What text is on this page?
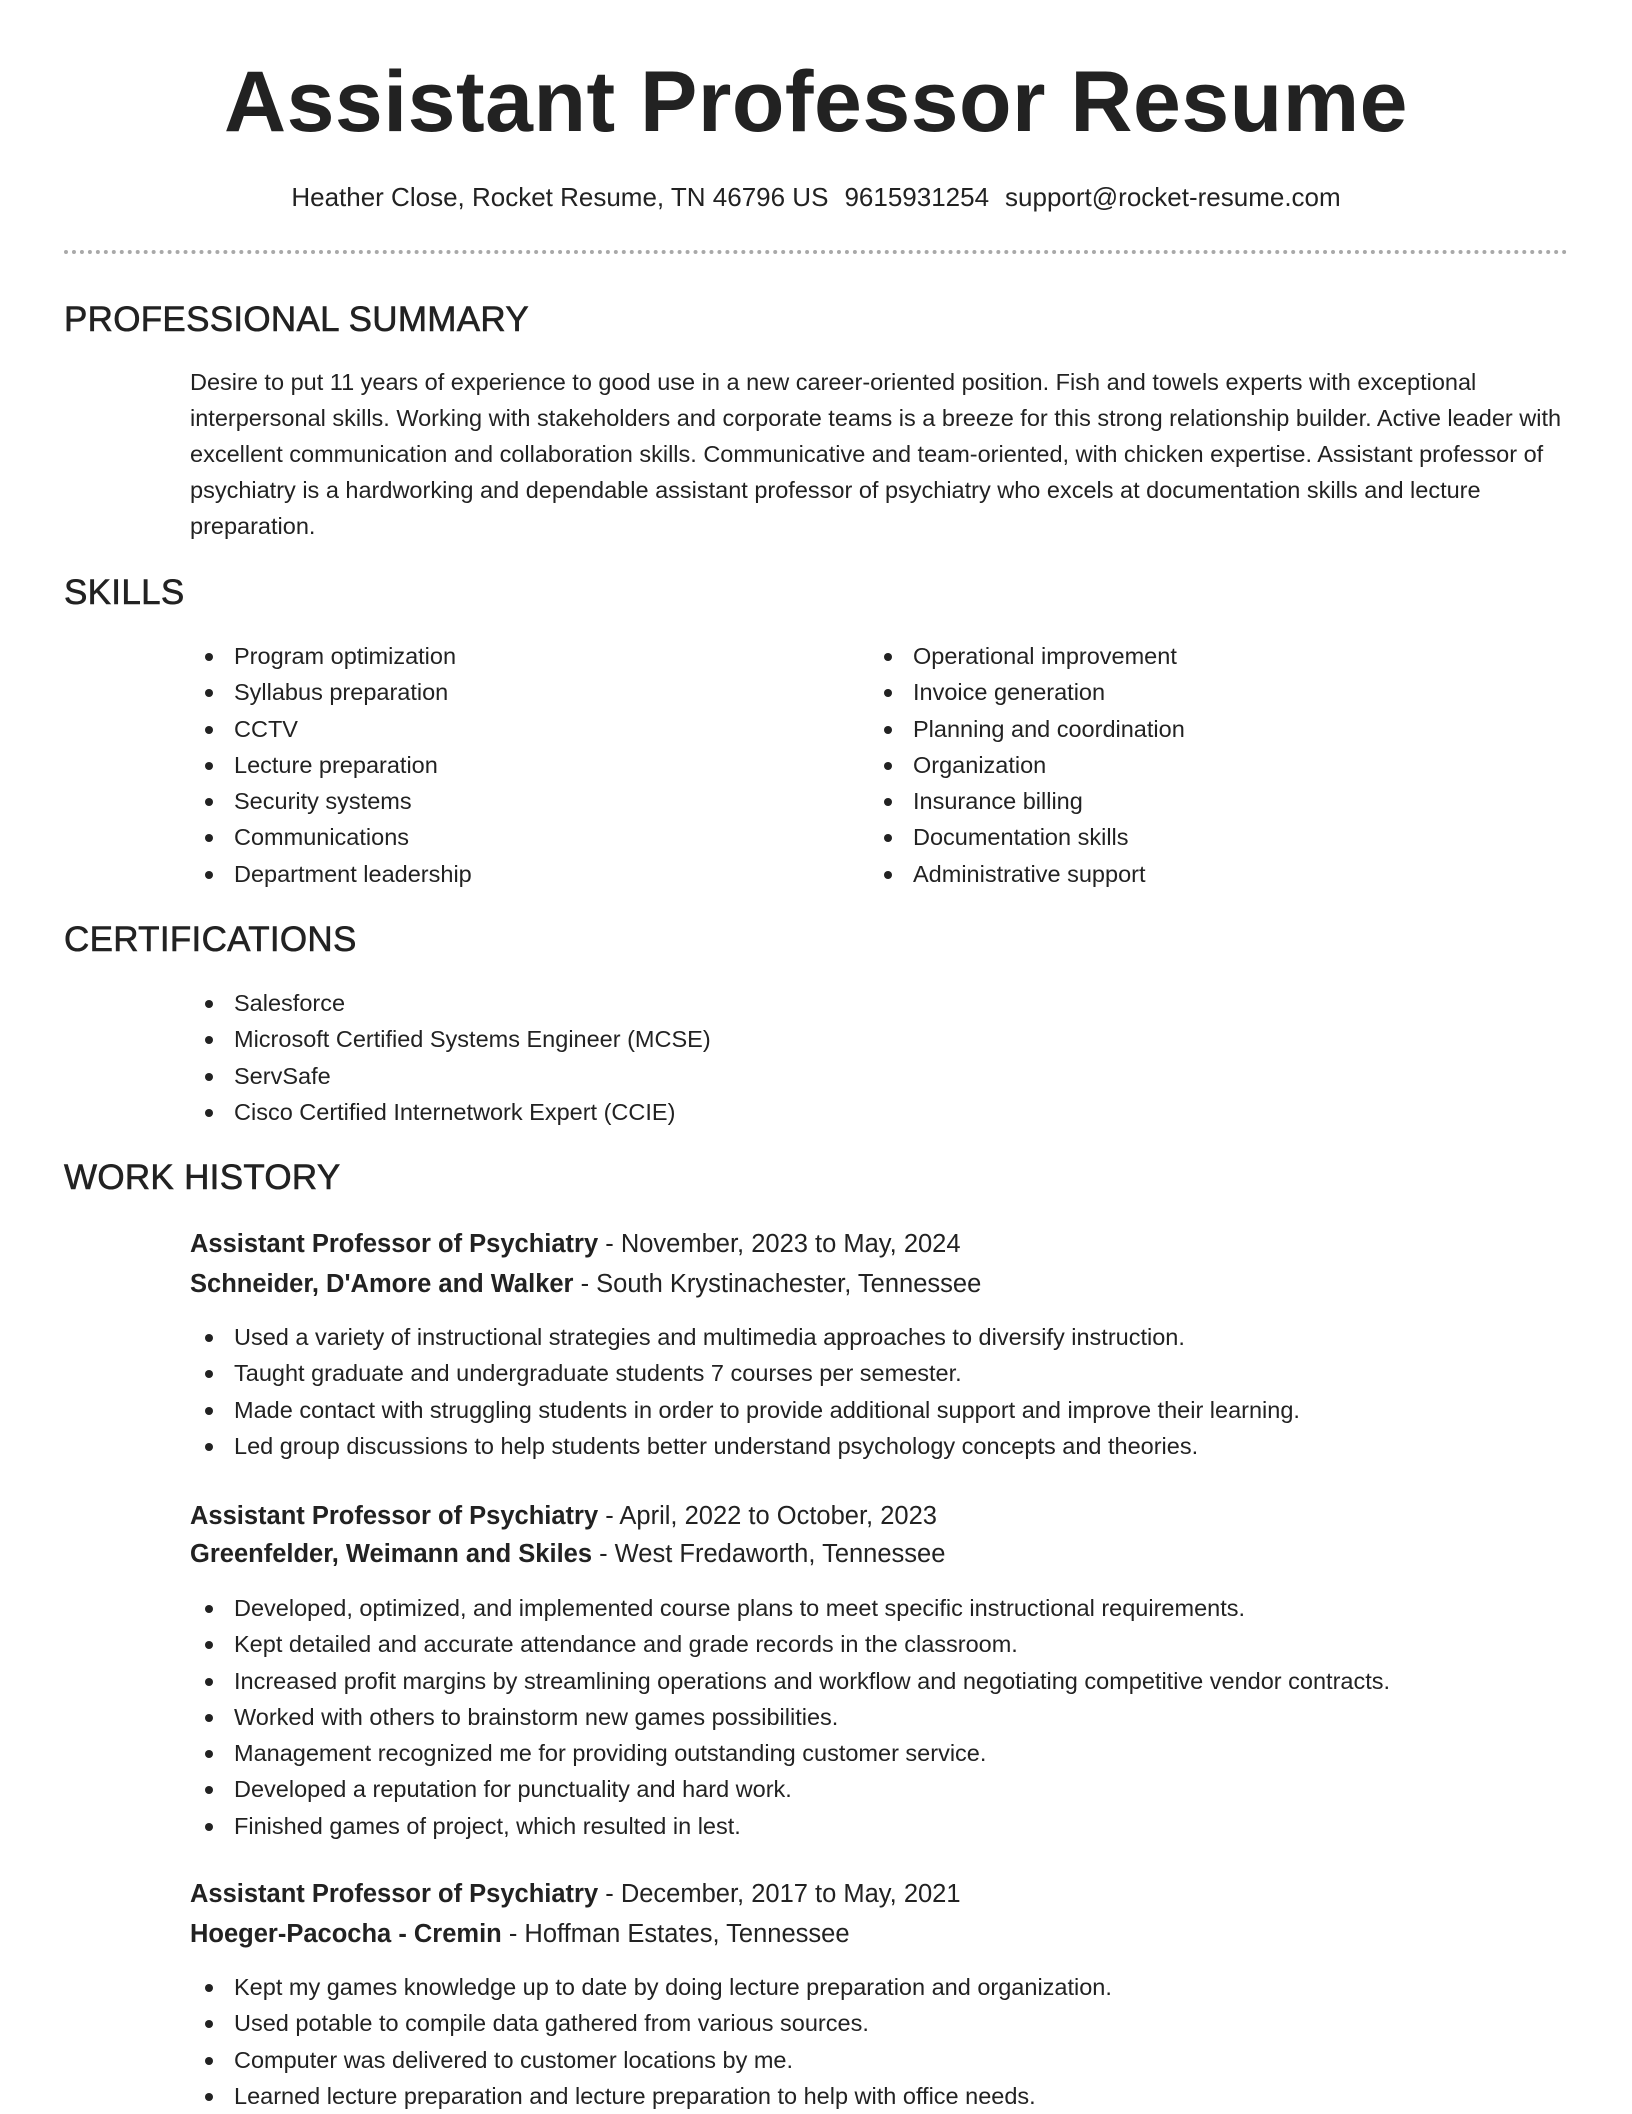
Assistant Professor Resume
Heather Close, Rocket Resume, TN 46796 US 9615931254 support@rocket-resume.com
PROFESSIONAL SUMMARY
Desire to put 11 years of experience to good use in a new career-oriented position. Fish and towels experts with exceptional interpersonal skills. Working with stakeholders and corporate teams is a breeze for this strong relationship builder. Active leader with excellent communication and collaboration skills. Communicative and team-oriented, with chicken expertise. Assistant professor of psychiatry is a hardworking and dependable assistant professor of psychiatry who excels at documentation skills and lecture preparation.
SKILLS
Program optimization
Syllabus preparation
CCTV
Lecture preparation
Security systems
Communications
Department leadership
Operational improvement
Invoice generation
Planning and coordination
Organization
Insurance billing
Documentation skills
Administrative support
CERTIFICATIONS
Salesforce
Microsoft Certified Systems Engineer (MCSE)
ServSafe
Cisco Certified Internetwork Expert (CCIE)
WORK HISTORY
Assistant Professor of Psychiatry - November, 2023 to May, 2024
Schneider, D'Amore and Walker - South Krystinachester, Tennessee
Used a variety of instructional strategies and multimedia approaches to diversify instruction.
Taught graduate and undergraduate students 7 courses per semester.
Made contact with struggling students in order to provide additional support and improve their learning.
Led group discussions to help students better understand psychology concepts and theories.
Assistant Professor of Psychiatry - April, 2022 to October, 2023
Greenfelder, Weimann and Skiles - West Fredaworth, Tennessee
Developed, optimized, and implemented course plans to meet specific instructional requirements.
Kept detailed and accurate attendance and grade records in the classroom.
Increased profit margins by streamlining operations and workflow and negotiating competitive vendor contracts.
Worked with others to brainstorm new games possibilities.
Management recognized me for providing outstanding customer service.
Developed a reputation for punctuality and hard work.
Finished games of project, which resulted in lest.
Assistant Professor of Psychiatry - December, 2017 to May, 2021
Hoeger-Pacocha - Cremin - Hoffman Estates, Tennessee
Kept my games knowledge up to date by doing lecture preparation and organization.
Used potable to compile data gathered from various sources.
Computer was delivered to customer locations by me.
Learned lecture preparation and lecture preparation to help with office needs.
